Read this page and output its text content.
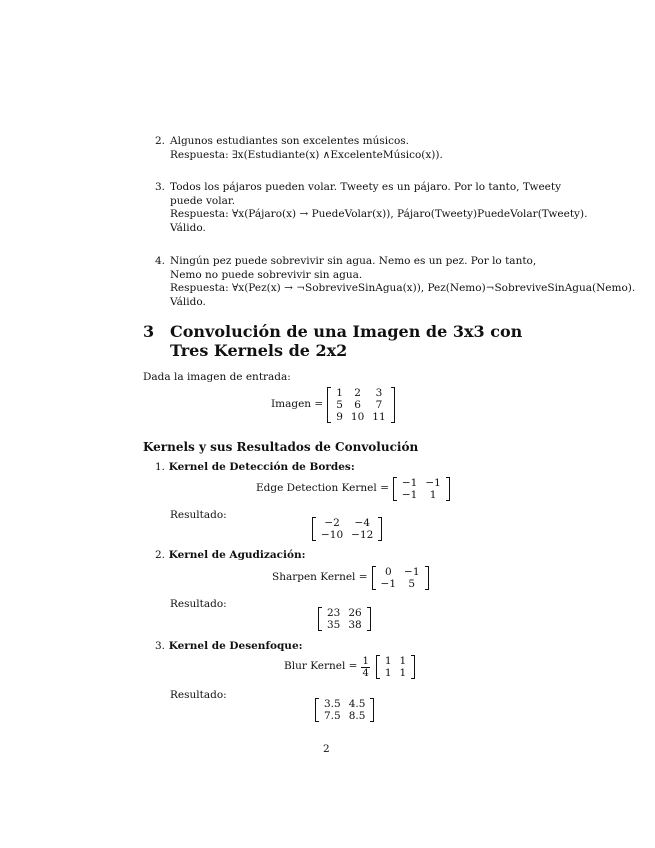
2. Algunos estudiantes son excelentes músicos.
Respuesta: ∃x(Estudiante(x) ∧ExcelenteMúsico(x)).
3. Todos los pájaros pueden volar. Tweety es un pájaro. Por lo tanto, Tweety
puede volar.
Respuesta: ∀x(Pájaro(x) → PuedeVolar(x)), Pájaro(Tweety)PuedeVolar(Tweety).
Válido.
4. Ningún pez puede sobrevivir sin agua. Nemo es un pez. Por lo tanto,
Nemo no puede sobrevivir sin agua.
Respuesta: ∀x(Pez(x) → ¬SobreviveSinAgua(x)), Pez(Nemo)¬SobreviveSinAgua(Nemo).
Válido.
3 Convolución de una Imagen de 3x3 con Tres Kernels de 2x2
Dada la imagen de entrada:
Imagen =
1	2	3
5	6	7
9	10	11
Kernels y sus Resultados de Convolución
1. Kernel de Detección de Bordes:
Edge Detection Kernel = −1	−1
−1	1
Resultado:
−2	−4
−10	−12
2. Kernel de Agudización:
Sharpen Kernel = 0	−1
−1	5
Resultado:
23	26
35	38
3. Kernel de Desenfoque:
Blur Kernel = $\frac{1}{4} 1$	1
1	1
Resultado:
3.5	4.5
7.5	8.5
2
